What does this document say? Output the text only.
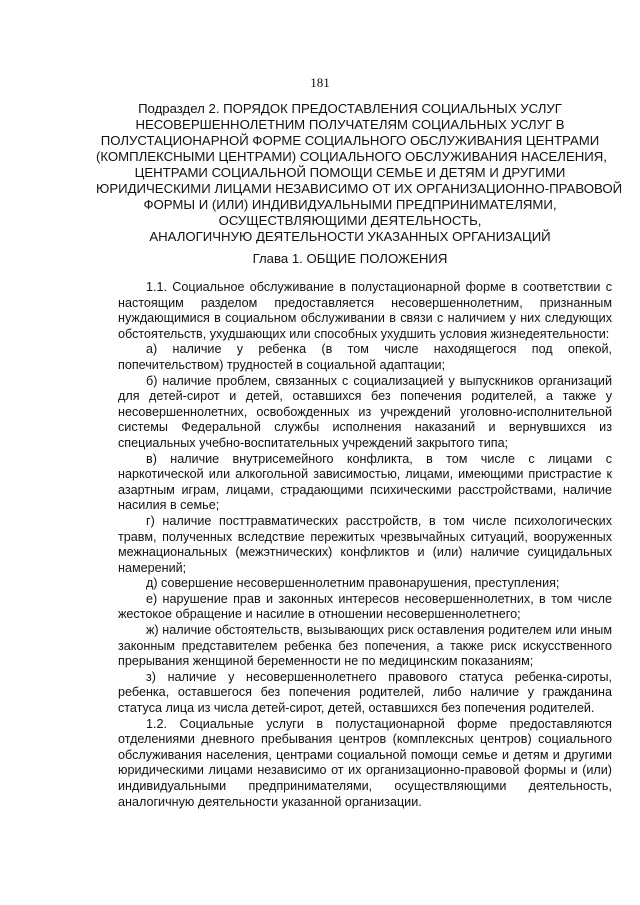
181
Подраздел 2. ПОРЯДОК ПРЕДОСТАВЛЕНИЯ СОЦИАЛЬНЫХ УСЛУГ
НЕСОВЕРШЕННОЛЕТНИМ ПОЛУЧАТЕЛЯМ СОЦИАЛЬНЫХ УСЛУГ В
ПОЛУСТАЦИОНАРНОЙ ФОРМЕ СОЦИАЛЬНОГО ОБСЛУЖИВАНИЯ ЦЕНТРАМИ
(КОМПЛЕКСНЫМИ ЦЕНТРАМИ) СОЦИАЛЬНОГО ОБСЛУЖИВАНИЯ НАСЕЛЕНИЯ,
ЦЕНТРАМИ СОЦИАЛЬНОЙ ПОМОЩИ СЕМЬЕ И ДЕТЯМ И ДРУГИМИ
ЮРИДИЧЕСКИМИ ЛИЦАМИ НЕЗАВИСИМО ОТ ИХ ОРГАНИЗАЦИОННО-ПРАВОВОЙ
ФОРМЫ И (ИЛИ) ИНДИВИДУАЛЬНЫМИ ПРЕДПРИНИМАТЕЛЯМИ,
ОСУЩЕСТВЛЯЮЩИМИ ДЕЯТЕЛЬНОСТЬ,
АНАЛОГИЧНУЮ ДЕЯТЕЛЬНОСТИ УКАЗАННЫХ ОРГАНИЗАЦИЙ
Глава 1. ОБЩИЕ ПОЛОЖЕНИЯ

1.1. Социальное обслуживание в полустационарной форме в соответствии с настоящим разделом предоставляется несовершеннолетним, признанным нуждающимися в социальном обслуживании в связи с наличием у них следующих обстоятельств, ухудшающих или способных ухудшить условия жизнедеятельности:

а) наличие у ребенка (в том числе находящегося под опекой, попечительством) трудностей в социальной адаптации;

б) наличие проблем, связанных с социализацией у выпускников организаций для детей-сирот и детей, оставшихся без попечения родителей, а также у несовершеннолетних, освобожденных из учреждений уголовно-исполнительной системы Федеральной службы исполнения наказаний и вернувшихся из специальных учебно-воспитательных учреждений закрытого типа;

в) наличие внутрисемейного конфликта, в том числе с лицами с наркотической или алкогольной зависимостью, лицами, имеющими пристрастие к азартным играм, лицами, страдающими психическими расстройствами, наличие насилия в семье;

г) наличие посттравматических расстройств, в том числе психологических травм, полученных вследствие пережитых чрезвычайных ситуаций, вооруженных межнациональных (межэтнических) конфликтов и (или) наличие суицидальных намерений;

д) совершение несовершеннолетним правонарушения, преступления;

е) нарушение прав и законных интересов несовершеннолетних, в том числе жестокое обращение и насилие в отношении несовершеннолетнего;

ж) наличие обстоятельств, вызывающих риск оставления родителем или иным законным представителем ребенка без попечения, а также риск искусственного прерывания женщиной беременности не по медицинским показаниям;

з) наличие у несовершеннолетнего правового статуса ребенка-сироты, ребенка, оставшегося без попечения родителей, либо наличие у гражданина статуса лица из числа детей-сирот, детей, оставшихся без попечения родителей.

1.2. Социальные услуги в полустационарной форме предоставляются отделениями дневного пребывания центров (комплексных центров) социального обслуживания населения, центрами социальной помощи семье и детям и другими юридическими лицами независимо от их организационно-правовой формы и (или) индивидуальными предпринимателями, осуществляющими деятельность, аналогичную деятельности указанной организации.
